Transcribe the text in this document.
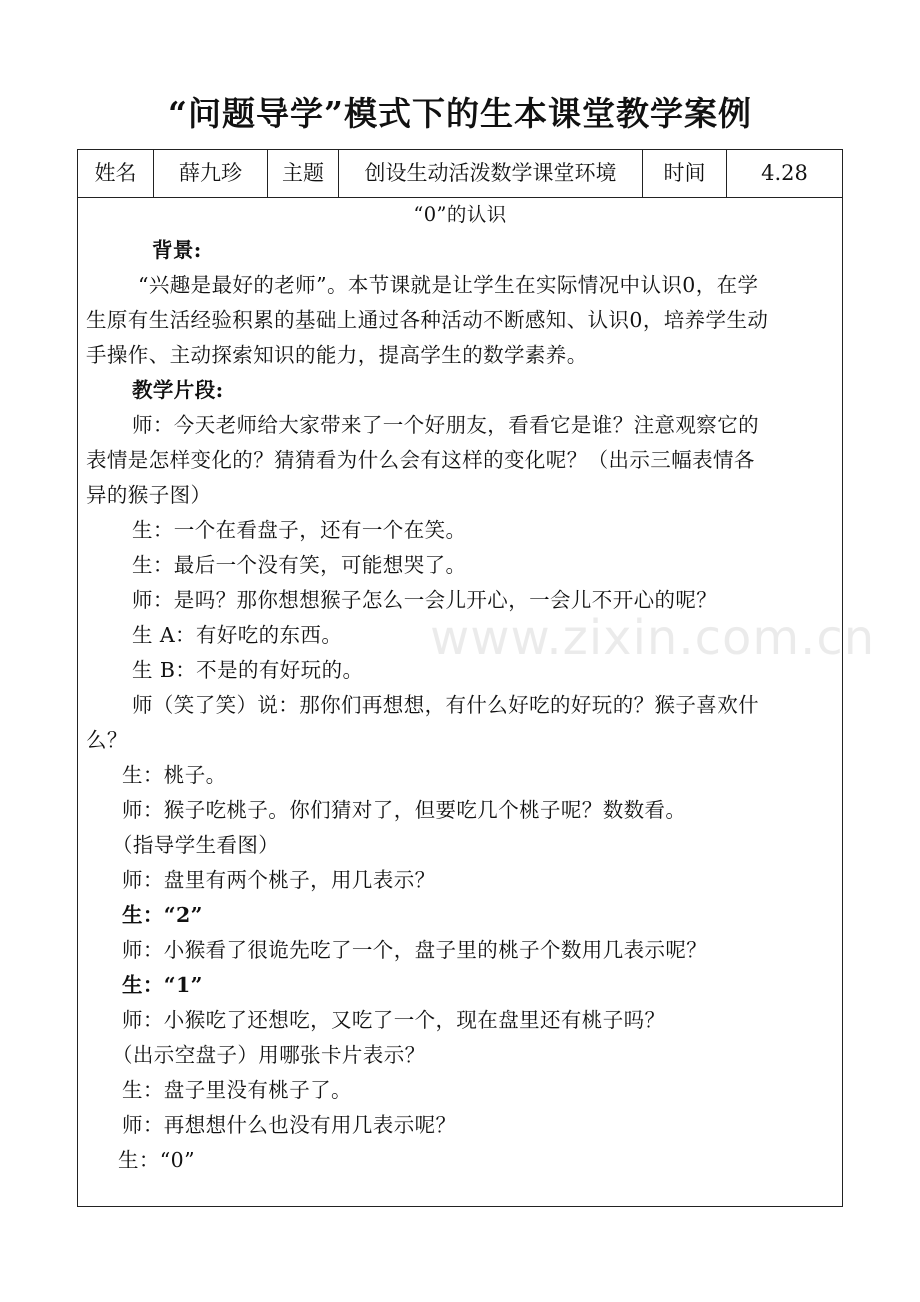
“问题导学”模式下的生本课堂教学案例
姓名	薛九珍	主题	创设生动活泼数学课堂环境	时间	4.28
“0”的认识
背景:
“兴趣是最好的老师”。本节课就是让学生在实际情况中认识0，在学
生原有生活经验积累的基础上通过各种活动不断感知、认识0，培养学生动
手操作、主动探索知识的能力，提高学生的数学素养。
教学片段:
师：今天老师给大家带来了一个好朋友，看看它是谁？注意观察它的
表情是怎样变化的？猜猜看为什么会有这样的变化呢？（出示三幅表情各
异的猴子图）
生：一个在看盘子，还有一个在笑。
生：最后一个没有笑，可能想哭了。
师：是吗？那你想想猴子怎么一会儿开心，一会儿不开心的呢？
生 A：有好吃的东西。
生 B：不是的有好玩的。
师（笑了笑）说：那你们再想想，有什么好吃的好玩的？猴子喜欢什
么？
生：桃子。
师：猴子吃桃子。你们猜对了，但要吃几个桃子呢？数数看。
（指导学生看图）
师：盘里有两个桃子，用几表示？
生：“2”
师：小猴看了很诡先吃了一个，盘子里的桃子个数用几表示呢？
生：“1”
师：小猴吃了还想吃，又吃了一个，现在盘里还有桃子吗？
（出示空盘子）用哪张卡片表示？
生：盘子里没有桃子了。
师：再想想什么也没有用几表示呢？
生：“0”
www.zixin.com.cn
